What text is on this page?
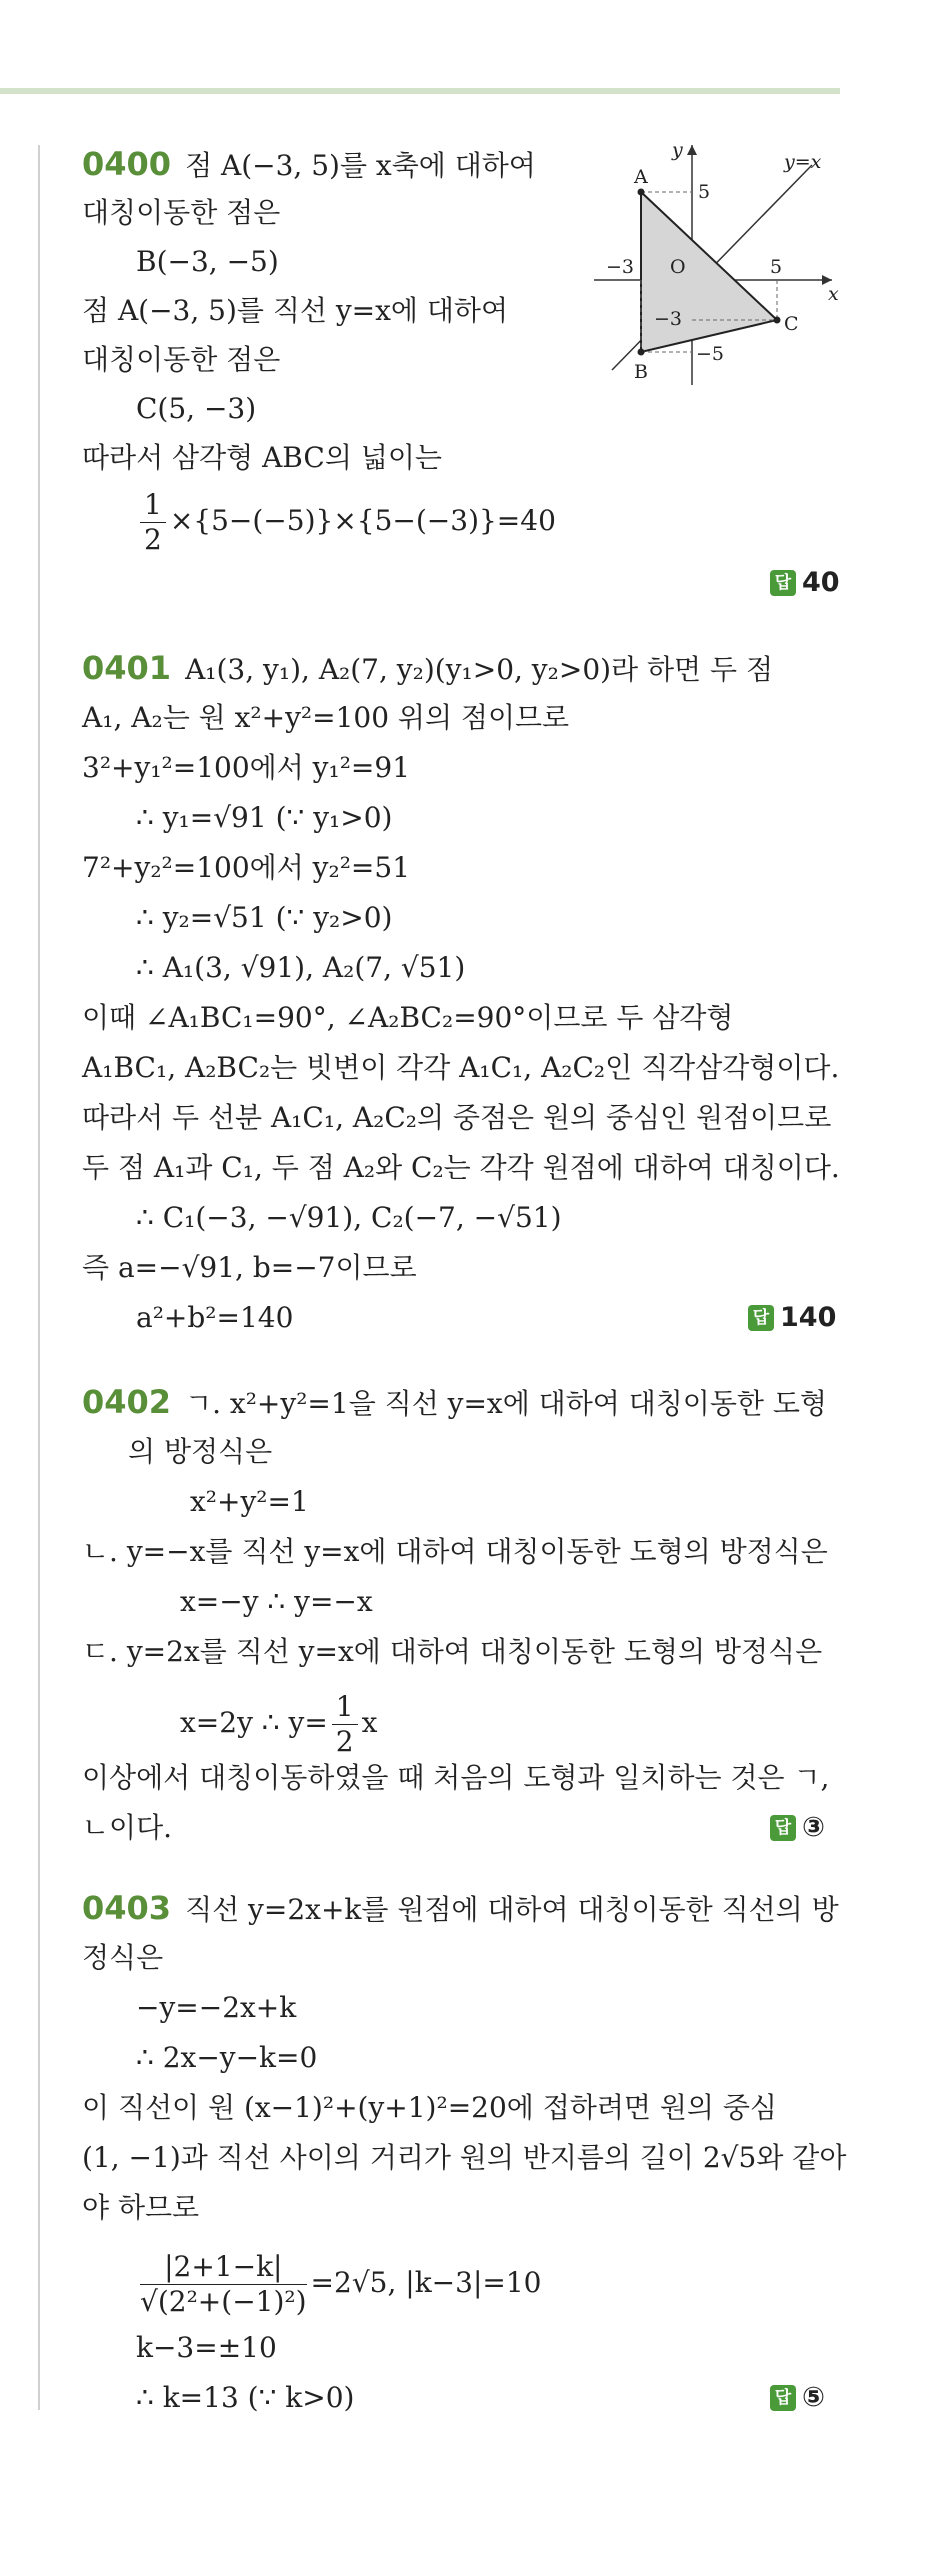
0400 점 A(−3, 5)를 x축에 대하여
대칭이동한 점은
B(−3, −5)
점 A(−3, 5)를 직선 y=x에 대하여
대칭이동한 점은
C(5, −3)
따라서 삼각형 ABC의 넓이는
$\frac{1}{2} \times\{5-(-5)\}\times\{5-(-3)\}=40$
답 40
A
B
C
O
x
y
y=x
5
−3	5
−3
−5
0401 A₁(3, y₁), A₂(7, y₂)(y₁>0, y₂>0)라 하면 두 점
A₁, A₂는 원 x²+y²=100 위의 점이므로
3²+y₁²=100에서 y₁²=91
∴ y₁=√91 (∵ y₁>0)
7²+y₂²=100에서 y₂²=51
∴ y₂=√51 (∵ y₂>0)
∴ A₁(3, √91), A₂(7, √51)
이때 ∠A₁BC₁=90°, ∠A₂BC₂=90°이므로 두 삼각형
A₁BC₁, A₂BC₂는 빗변이 각각 A₁C₁, A₂C₂인 직각삼각형이다.
따라서 두 선분 A₁C₁, A₂C₂의 중점은 원의 중심인 원점이므로
두 점 A₁과 C₁, 두 점 A₂와 C₂는 각각 원점에 대하여 대칭이다.
∴ C₁(−3, −√91), C₂(−7, −√51)
즉 a=−√91, b=−7이므로
a²+b²=140	답 140
0402 ㄱ. x²+y²=1을 직선 y=x에 대하여 대칭이동한 도형
의 방정식은
x²+y²=1
ㄴ. y=−x를 직선 y=x에 대하여 대칭이동한 도형의 방정식은
x=−y ∴ y=−x
ㄷ. y=2x를 직선 y=x에 대하여 대칭이동한 도형의 방정식은
x=2y ∴ $y= \frac{1}{2}$ x
이상에서 대칭이동하였을 때 처음의 도형과 일치하는 것은 ㄱ,
ㄴ이다.	답 ③
0403 직선 y=2x+k를 원점에 대하여 대칭이동한 직선의 방
정식은
−y=−2x+k
∴ 2x−y−k=0
이 직선이 원 (x−1)²+(y+1)²=20에 접하려면 원의 중심
(1, −1)과 직선 사이의 거리가 원의 반지름의 길이 2√5와 같아
야 하므로
$\frac{|2+1-k|}{\text{√(2²+(−1)²)}} =2√5$, |k−3|=10
k−3=±10
∴ k=13 (∵ k>0)	답 ⑤
